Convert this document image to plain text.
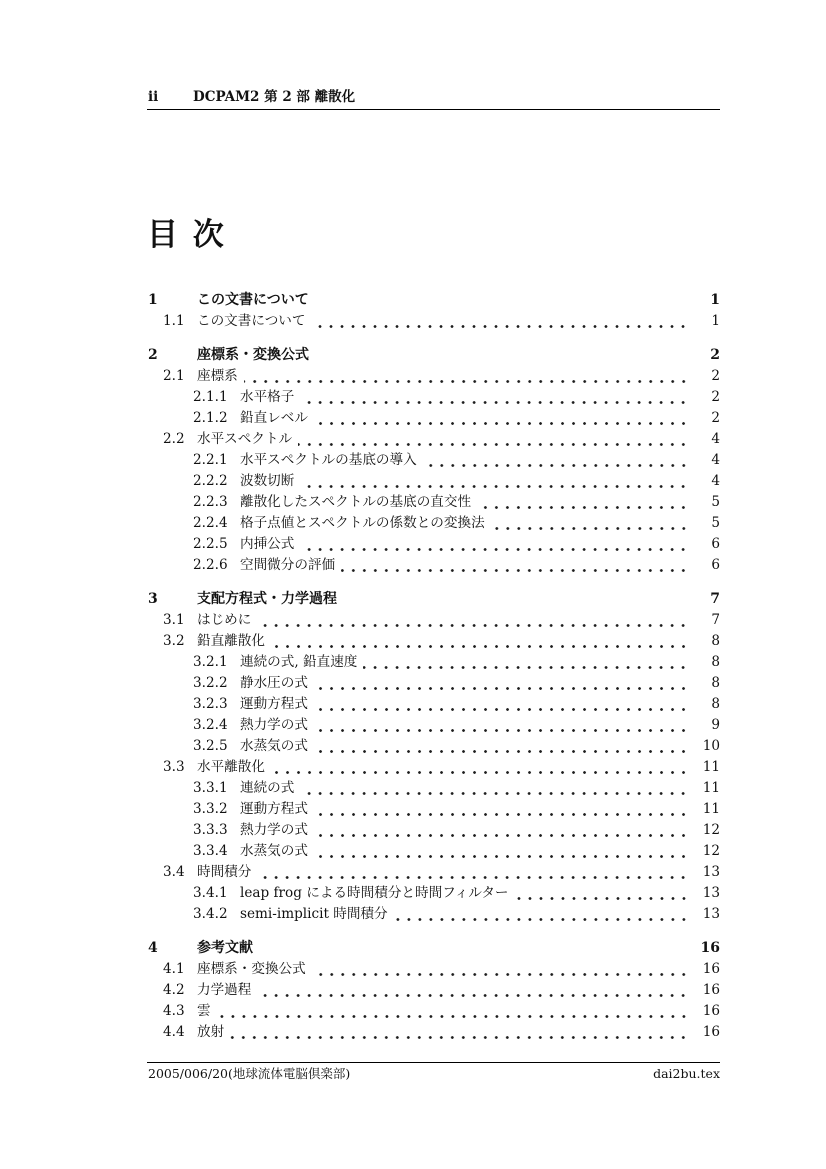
ii	DCPAM2 第 2 部 離散化
目 次
1	この文書について	1
1.1 この文書について	1
2	座標系・変換公式	2
2.1 座標系	2
2.1.1 水平格子	2
2.1.2 鉛直レベル	2
2.2 水平スペクトル	4
2.2.1 水平スペクトルの基底の導入	4
2.2.2 波数切断	4
2.2.3 離散化したスペクトルの基底の直交性	5
2.2.4 格子点値とスペクトルの係数との変換法	5
2.2.5 内挿公式	6
2.2.6 空間微分の評価	6
3	支配方程式・力学過程	7
3.1 はじめに	7
3.2 鉛直離散化	8
3.2.1 連続の式, 鉛直速度	8
3.2.2 静水圧の式	8
3.2.3 運動方程式	8
3.2.4 熱力学の式	9
3.2.5 水蒸気の式	10
3.3 水平離散化	11
3.3.1 連続の式	11
3.3.2 運動方程式	11
3.3.3 熱力学の式	12
3.3.4 水蒸気の式	12
3.4 時間積分	13
3.4.1 leap frog による時間積分と時間フィルター	13
3.4.2 semi-implicit 時間積分	13
4	参考文献	16
4.1 座標系・変換公式	16
4.2 力学過程	16
4.3 雲	16
4.4 放射	16
2005/006/20(地球流体電脳倶楽部)	dai2bu.tex
